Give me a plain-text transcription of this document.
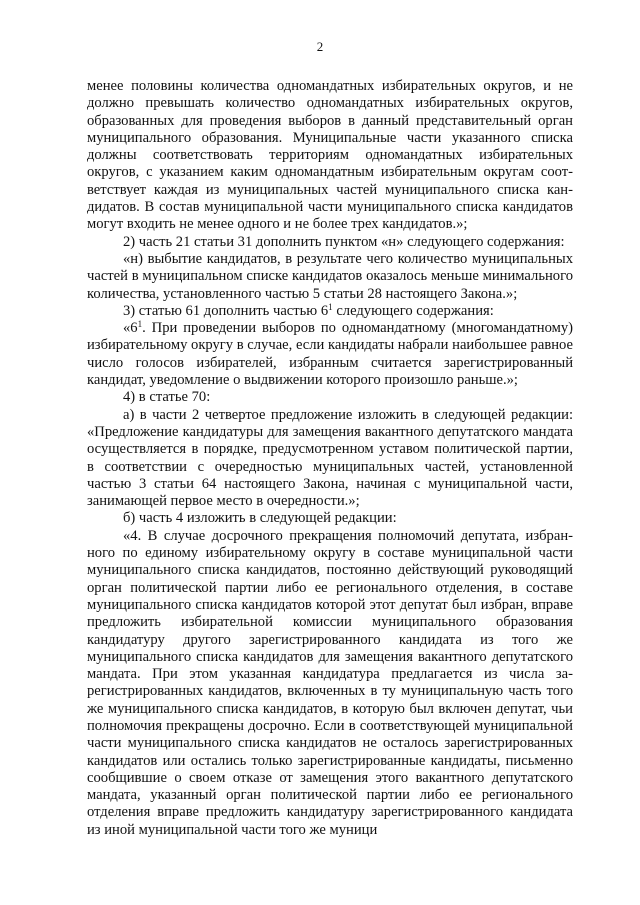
2

менее половины количества одномандатных избирательных округов, и не должно превышать количество одномандатных избирательных округов, образованных для проведения выборов в данный представительный орган муниципального образования. Муниципальные части указанного списка должны соответствовать территориям одномандатных избирательных округов, с указанием каким одномандатным избирательным округам соответствует каждая из муниципальных частей муниципального списка кандидатов. В состав муниципальной части муниципального списка кандидатов могут входить не менее одного и не более трех кандидатов.»;

2) часть 21 статьи 31 дополнить пунктом «н» следующего содержания:

«н) выбытие кандидатов, в результате чего количество муниципальных частей в муниципальном списке кандидатов оказалось меньше минимального количества, установленного частью 5 статьи 28 настоящего Закона.»;

3) статью 61 дополнить частью $6^1$ следующего содержания:

«$6^1$. При проведении выборов по одномандатному (многомандатному) избирательному округу в случае, если кандидаты набрали наибольшее равное число голосов избирателей, избранным считается зарегистрированный кандидат, уведомление о выдвижении которого произошло раньше.»;

4) в статье 70:

а) в части 2 четвертое предложение изложить в следующей редакции: «Предложение кандидатуры для замещения вакантного депутатского мандата осуществляется в порядке, предусмотренном уставом политической партии, в соответствии с очередностью муниципальных частей, установленной частью 3 статьи 64 настоящего Закона, начиная с муниципальной части, занимающей первое место в очередности.»;

б) часть 4 изложить в следующей редакции:

«4. В случае досрочного прекращения полномочий депутата, избранного по единому избирательному округу в составе муниципальной части муниципального списка кандидатов, постоянно действующий руководящий орган политической партии либо ее регионального отделения, в составе муниципального списка кандидатов которой этот депутат был избран, вправе предложить избирательной комиссии муниципального образования кандидатуру другого зарегистрированного кандидата из того же муниципального списка кандидатов для замещения вакантного депутатского мандата. При этом указанная кандидатура предлагается из числа зарегистрированных кандидатов, включенных в ту муниципальную часть того же муниципального списка кандидатов, в которую был включен депутат, чьи полномочия прекращены досрочно. Если в соответствующей муниципальной части муниципального списка кандидатов не осталось зарегистрированных кандидатов или остались только зарегистрированные кандидаты, письменно сообщившие о своем отказе от замещения этого вакантного депутатского мандата, указанный орган политической партии либо ее регионального отделения вправе предложить кандидатуру зарегистрированного кандидата из иной муниципальной части того же муници
